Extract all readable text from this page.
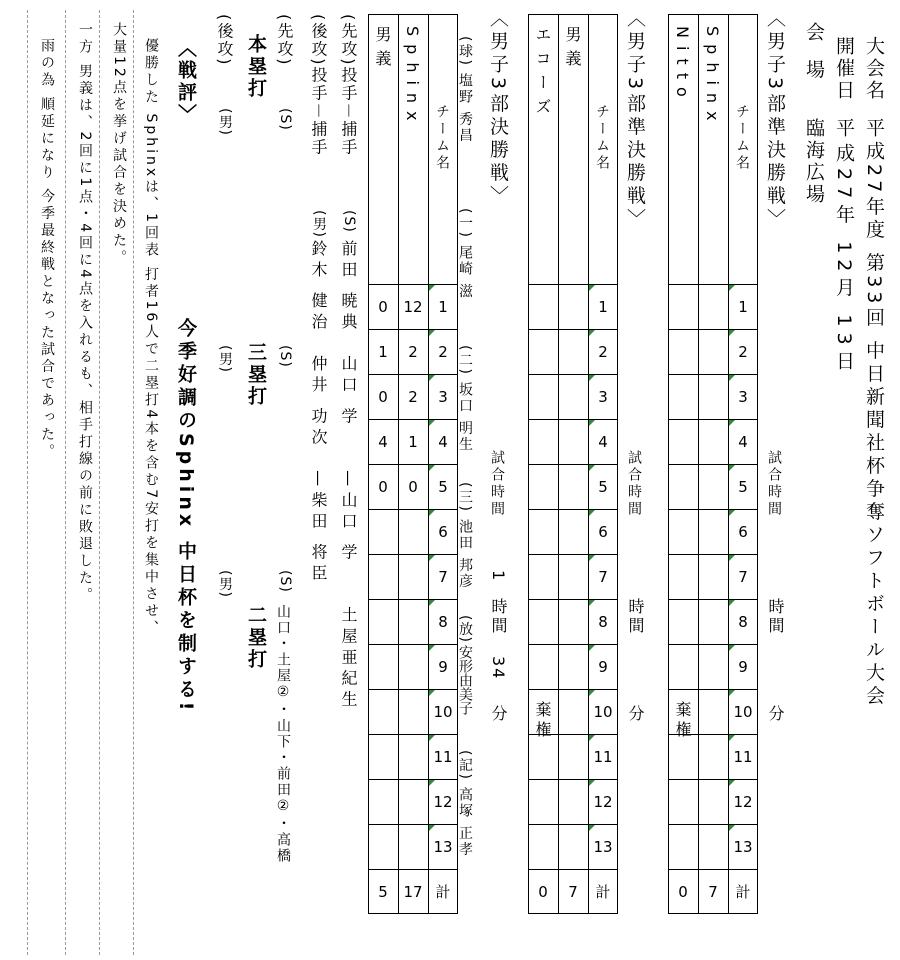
大会名
平成27年度 第33回 中日新聞社杯争奪ソフトボール大会
開催日
平成27年 12月 13日
会 場
臨海広場
チーム名
Sphinx
Nitto
1
2
3
4
5
6
7
8
9
10
11
12
13
計
7
0
棄権
〈男子3部準決勝戦〉
試合時間
時間
分
チーム名
男義
エコーズ
1
2
3
4
5
6
7
8
9
10
11
12
13
計
7
0
棄権
〈男子3部準決勝戦〉
試合時間
時間
分
チーム名
Sphinx
男義
1
2
3
4
5
6
7
8
9
10
11
12
13
計
12
2
2
1
0
0
1
0
4
0
17
5
〈男子3部決勝戦〉
試合時間
1
時間
34
分
(球) 塩野 秀昌
(一) 尾崎 滋
(二) 坂口 明生
(三) 池田 邦彦
(放)
安形由美子
(記) 高塚 正孝
(先攻)投手－捕手
(S)
前田 暁典　山口 学　　—山口 学　　土屋亜紀生
(後攻)投手－捕手
(男)
鈴木 健治　仲井 功次　—柴田 将臣
(先攻)
(S)
(S)
(S)
山口・土屋②・山下・前田②・高橋
本塁打
三塁打
二塁打
(後攻)
(男)
(男)
(男)
〈戦評〉
今季好調のSphinx 中日杯を制する!
優勝した Sphinxは、1回表 打者16人で二塁打4本を含む7安打を集中させ、
大量12点を挙げ試合を決めた。
一方 男義は、2回に1点・4回に4点を入れるも、相手打線の前に敗退した。
雨の為 順延になり 今季最終戦となった試合であった。
